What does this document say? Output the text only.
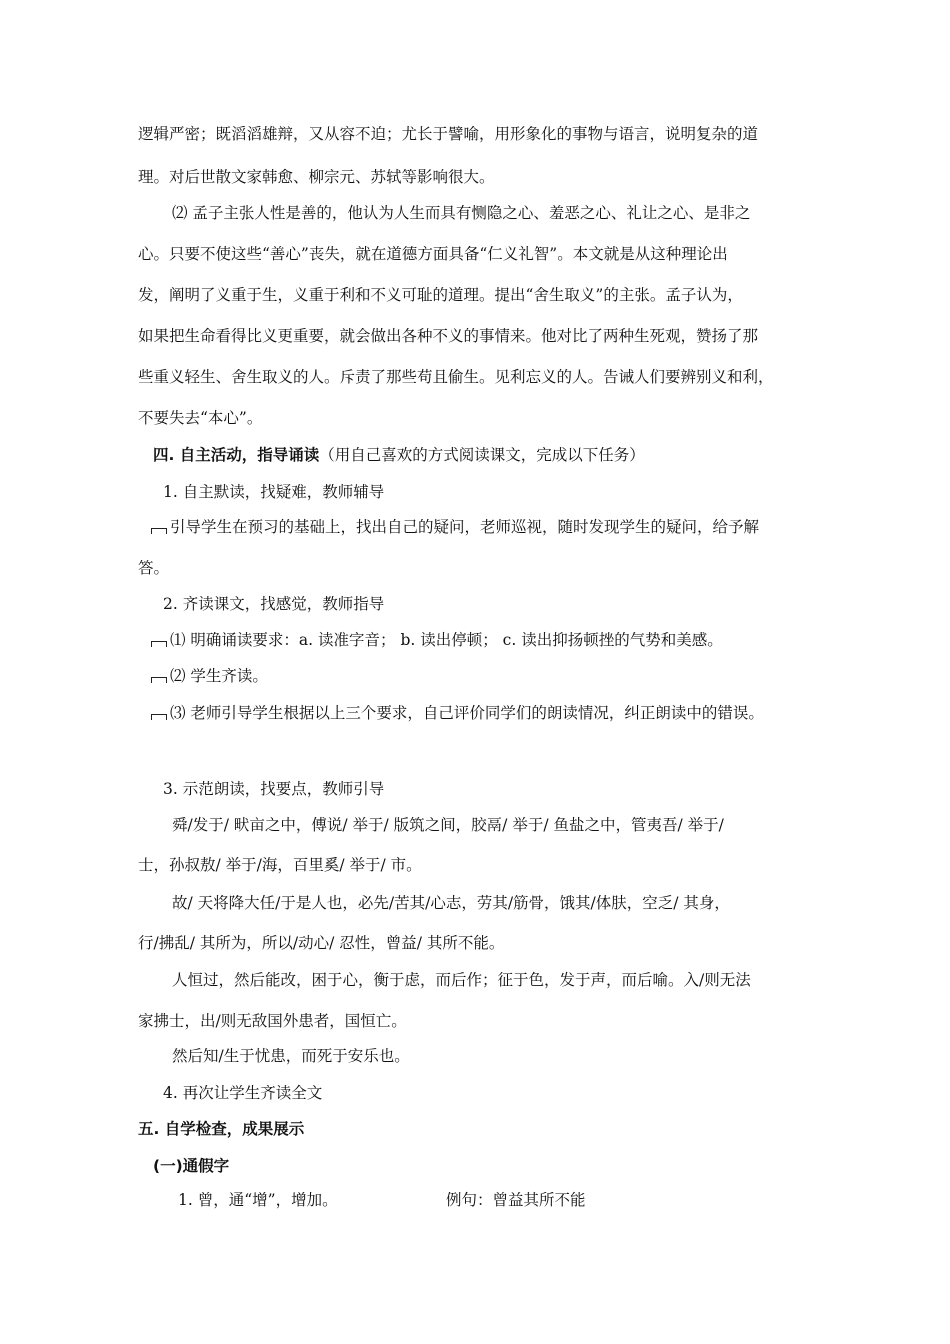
逻辑严密；既滔滔雄辩，又从容不迫；尤长于譬喻，用形象化的事物与语言，说明复杂的道
理。对后世散文家韩愈、柳宗元、苏轼等影响很大。
⑵ 孟子主张人性是善的，他认为人生而具有恻隐之心、羞恶之心、礼让之心、是非之
心。只要不使这些“善心”丧失，就在道德方面具备“仁义礼智”。本文就是从这种理论出
发，阐明了义重于生，义重于利和不义可耻的道理。提出“舍生取义”的主张。孟子认为，
如果把生命看得比义更重要，就会做出各种不义的事情来。他对比了两种生死观，赞扬了那
些重义轻生、舍生取义的人。斥责了那些苟且偷生。见利忘义的人。告诫人们要辨别义和利，
不要失去“本心”。
四. 自主活动，指导诵读（用自己喜欢的方式阅读课文，完成以下任务）
1. 自主默读，找疑难，教师辅导
引导学生在预习的基础上，找出自己的疑问，老师巡视，随时发现学生的疑问，给予解
答。
2. 齐读课文，找感觉，教师指导
⑴ 明确诵读要求：a. 读准字音； b. 读出停顿； c. 读出抑扬顿挫的气势和美感。
⑵ 学生齐读。
⑶ 老师引导学生根据以上三个要求，自己评价同学们的朗读情况，纠正朗读中的错误。
3. 示范朗读，找要点，教师引导
舜/发于/ 畎亩之中，傅说/ 举于/ 版筑之间，胶鬲/ 举于/ 鱼盐之中，管夷吾/ 举于/
士，孙叔敖/ 举于/海，百里奚/ 举于/ 市。
故/ 天将降大任/于是人也，必先/苦其/心志，劳其/筋骨，饿其/体肤，空乏/ 其身，
行/拂乱/ 其所为，所以/动心/ 忍性，曾益/ 其所不能。
人恒过，然后能改，困于心，衡于虑，而后作；征于色，发于声，而后喻。入/则无法
家拂士，出/则无敌国外患者，国恒亡。
然后知/生于忧患，而死于安乐也。
4. 再次让学生齐读全文
五. 自学检查，成果展示
(一)通假字
1. 曾，通“增”，增加。	例句：曾益其所不能
